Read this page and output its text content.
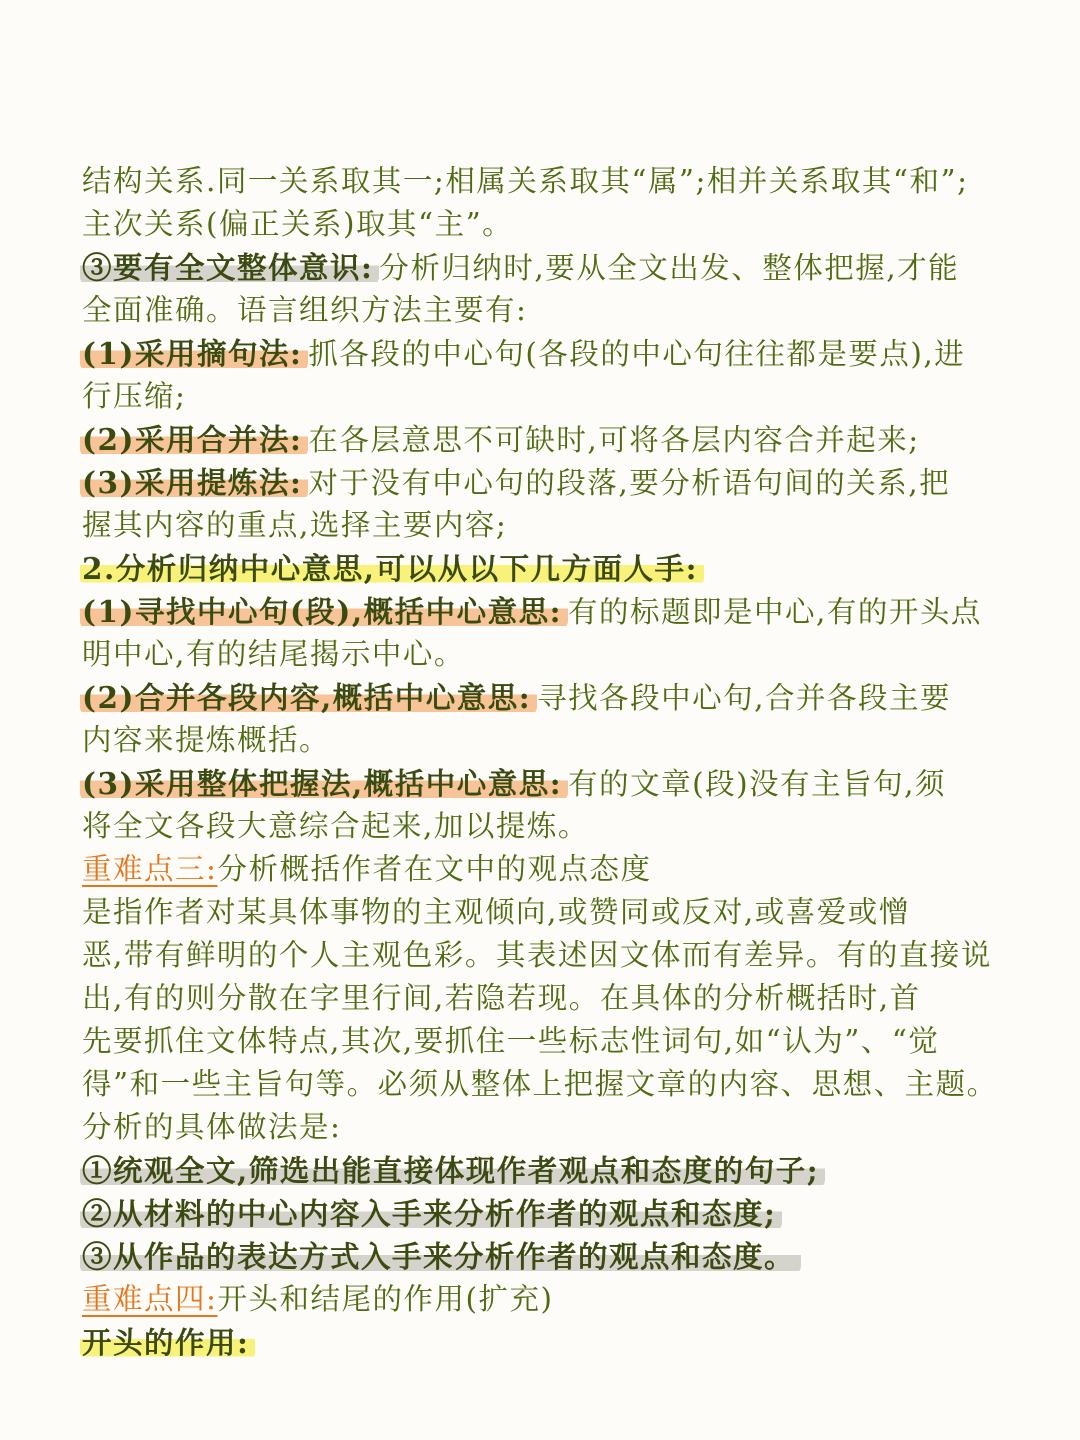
结构关系.同一关系取其一;相属关系取其“属”;相并关系取其“和”;
主次关系(偏正关系)取其“主”。
③要有全文整体意识: 分析归纳时,要从全文出发、整体把握,才能
全面准确。语言组织方法主要有:
(1)采用摘句法: 抓各段的中心句(各段的中心句往往都是要点),进
行压缩;
(2)采用合并法: 在各层意思不可缺时,可将各层内容合并起来;
(3)采用提炼法: 对于没有中心句的段落,要分析语句间的关系,把
握其内容的重点,选择主要内容;
2.分析归纳中心意思,可以从以下几方面人手:
(1)寻找中心句(段),概括中心意思: 有的标题即是中心,有的开头点
明中心,有的结尾揭示中心。
(2)合并各段内容,概括中心意思: 寻找各段中心句,合并各段主要
内容来提炼概括。
(3)采用整体把握法,概括中心意思: 有的文章(段)没有主旨句,须
将全文各段大意综合起来,加以提炼。
重难点三:分析概括作者在文中的观点态度
是指作者对某具体事物的主观倾向,或赞同或反对,或喜爱或憎
恶,带有鲜明的个人主观色彩。其表述因文体而有差异。有的直接说
出,有的则分散在字里行间,若隐若现。在具体的分析概括时,首
先要抓住文体特点,其次,要抓住一些标志性词句,如“认为”、“觉
得”和一些主旨句等。必须从整体上把握文章的内容、思想、主题。
分析的具体做法是:
①统观全文,筛选出能直接体现作者观点和态度的句子;
②从材料的中心内容入手来分析作者的观点和态度;
③从作品的表达方式入手来分析作者的观点和态度。
重难点四:开头和结尾的作用(扩充)
开头的作用:
